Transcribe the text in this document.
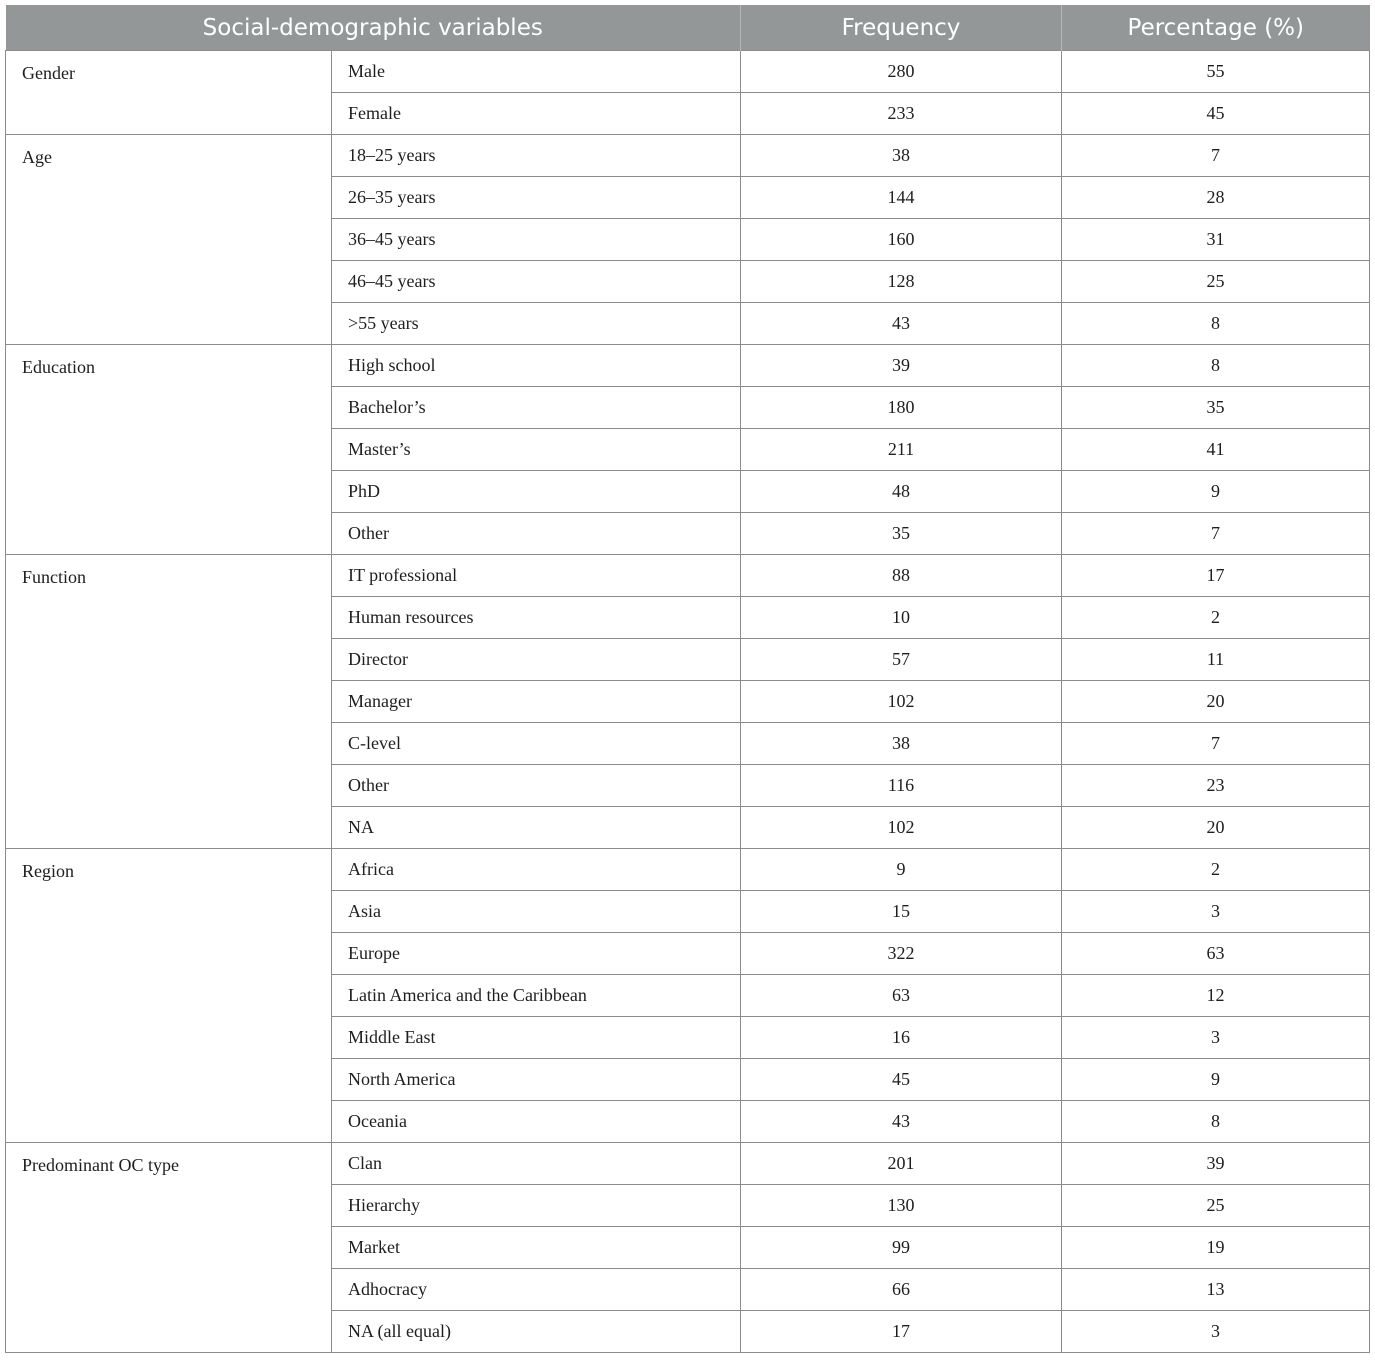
Social-demographic variables		Frequency	Percentage (%)
Gender	Male	280	55
	Female	233	45
Age	18–25 years	38	7
	26–35 years	144	28
	36–45 years	160	31
	46–45 years	128	25
	>55 years	43	8
Education	High school	39	8
	Bachelor’s	180	35
	Master’s	211	41
	PhD	48	9
	Other	35	7
Function	IT professional	88	17
	Human resources	10	2
	Director	57	11
	Manager	102	20
	C-level	38	7
	Other	116	23
	NA	102	20
Region	Africa	9	2
	Asia	15	3
	Europe	322	63
	Latin America and the Caribbean	63	12
	Middle East	16	3
	North America	45	9
	Oceania	43	8
Predominant OC type	Clan	201	39
	Hierarchy	130	25
	Market	99	19
	Adhocracy	66	13
	NA (all equal)	17	3
